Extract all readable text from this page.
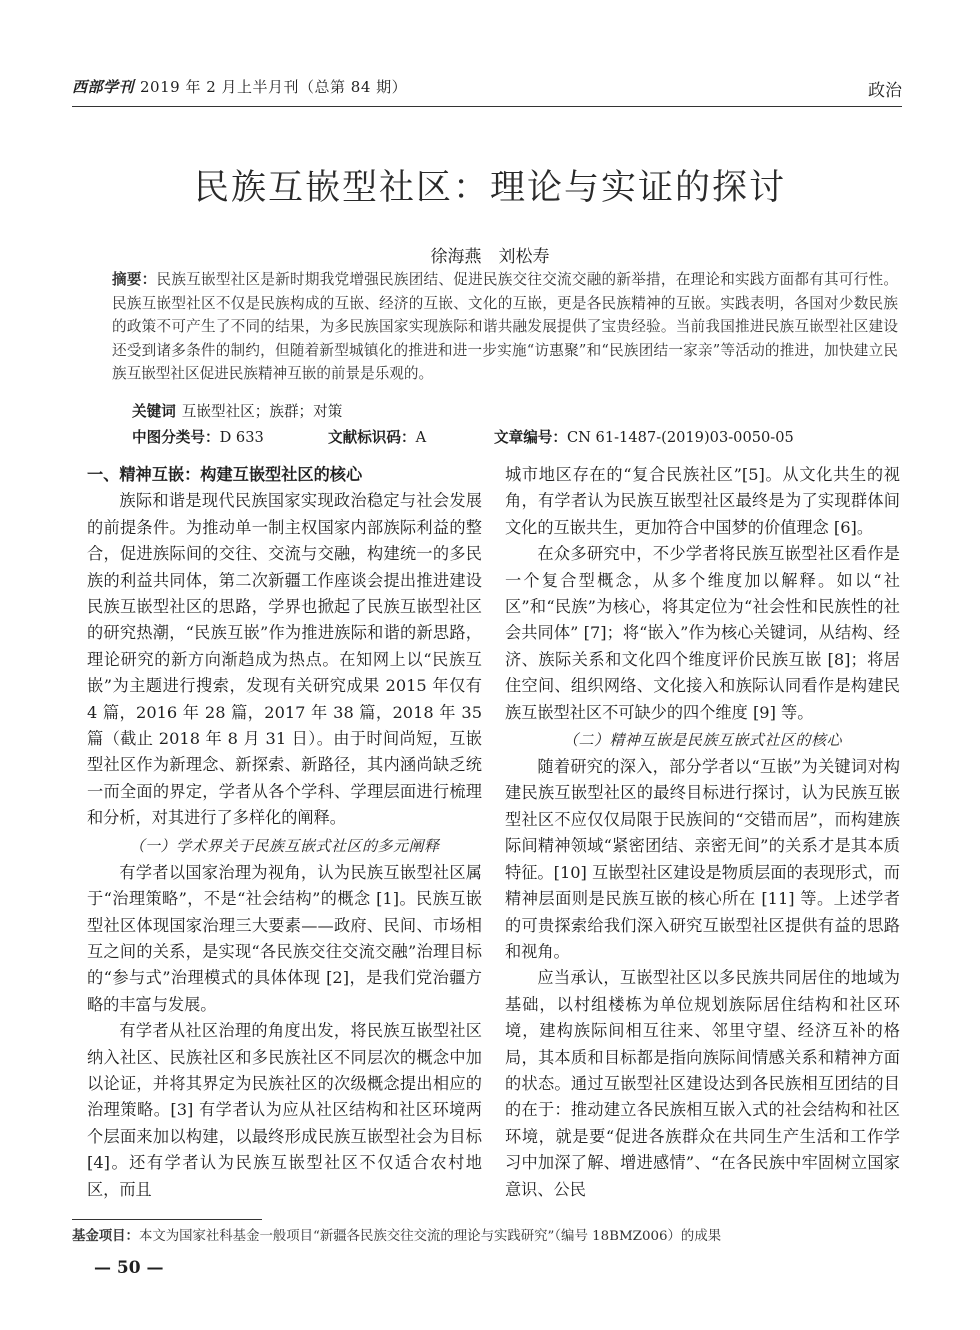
西部学刊 2019 年 2 月上半月刊（总第 84 期）	政治
民族互嵌型社区：理论与实证的探讨
徐海燕　刘松寿
摘要：民族互嵌型社区是新时期我党增强民族团结、促进民族交往交流交融的新举措，在理论和实践方面都有其可行性。民族互嵌型社区不仅是民族构成的互嵌、经济的互嵌、文化的互嵌，更是各民族精神的互嵌。实践表明，各国对少数民族的政策不可产生了不同的结果，为多民族国家实现族际和谐共融发展提供了宝贵经验。当前我国推进民族互嵌型社区建设还受到诸多条件的制约，但随着新型城镇化的推进和进一步实施“访惠聚”和“民族团结一家亲”等活动的推进，加快建立民族互嵌型社区促进民族精神互嵌的前景是乐观的。
关键词 互嵌型社区；族群；对策
中图分类号：D 633	文献标识码：A	文章编号：CN 61-1487-(2019)03-0050-05
一、精神互嵌：构建互嵌型社区的核心

族际和谐是现代民族国家实现政治稳定与社会发展的前提条件。为推动单一制主权国家内部族际利益的整合，促进族际间的交往、交流与交融，构建统一的多民族的利益共同体，第二次新疆工作座谈会提出推进建设民族互嵌型社区的思路，学界也掀起了民族互嵌型社区的研究热潮，“民族互嵌”作为推进族际和谐的新思路，理论研究的新方向渐趋成为热点。在知网上以“民族互嵌”为主题进行搜索，发现有关研究成果 2015 年仅有 4 篇，2016 年 28 篇，2017 年 38 篇，2018 年 35 篇（截止 2018 年 8 月 31 日）。由于时间尚短，互嵌型社区作为新理念、新探索、新路径，其内涵尚缺乏统一而全面的界定，学者从各个学科、学理层面进行梳理和分析，对其进行了多样化的阐释。

（一）学术界关于民族互嵌式社区的多元阐释

有学者以国家治理为视角，认为民族互嵌型社区属于“治理策略”，不是“社会结构”的概念 [1]。民族互嵌型社区体现国家治理三大要素——政府、民间、市场相互之间的关系，是实现“各民族交往交流交融”治理目标的“参与式”治理模式的具体体现 [2]，是我们党治疆方略的丰富与发展。

有学者从社区治理的角度出发，将民族互嵌型社区纳入社区、民族社区和多民族社区不同层次的概念中加以论证，并将其界定为民族社区的次级概念提出相应的治理策略。[3] 有学者认为应从社区结构和社区环境两个层面来加以构建，以最终形成民族互嵌型社会为目标 [4]。还有学者认为民族互嵌型社区不仅适合农村地区，而且

城市地区存在的“复合民族社区”[5]。从文化共生的视角，有学者认为民族互嵌型社区最终是为了实现群体间文化的互嵌共生，更加符合中国梦的价值理念 [6]。

在众多研究中，不少学者将民族互嵌型社区看作是一个复合型概念，从多个维度加以解释。如以“社区”和“民族”为核心，将其定位为“社会性和民族性的社会共同体” [7]；将“嵌入”作为核心关键词，从结构、经济、族际关系和文化四个维度评价民族互嵌 [8]；将居住空间、组织网络、文化接入和族际认同看作是构建民族互嵌型社区不可缺少的四个维度 [9] 等。

（二）精神互嵌是民族互嵌式社区的核心

随着研究的深入，部分学者以“互嵌”为关键词对构建民族互嵌型社区的最终目标进行探讨，认为民族互嵌型社区不应仅仅局限于民族间的“交错而居”，而构建族际间精神领域“紧密团结、亲密无间”的关系才是其本质特征。[10] 互嵌型社区建设是物质层面的表现形式，而精神层面则是民族互嵌的核心所在 [11] 等。上述学者的可贵探索给我们深入研究互嵌型社区提供有益的思路和视角。

应当承认，互嵌型社区以多民族共同居住的地域为基础，以村组楼栋为单位规划族际居住结构和社区环境，建构族际间相互往来、邻里守望、经济互补的格局，其本质和目标都是指向族际间情感关系和精神方面的状态。通过互嵌型社区建设达到各民族相互团结的目的在于：推动建立各民族相互嵌入式的社会结构和社区环境，就是要“促进各族群众在共同生产生活和工作学习中加深了解、增进感情”、“在各民族中牢固树立国家意识、公民

基金项目：本文为国家社科基金一般项目“新疆各民族交往交流的理论与实践研究”（编号 18BMZ006）的成果
— 50 —
